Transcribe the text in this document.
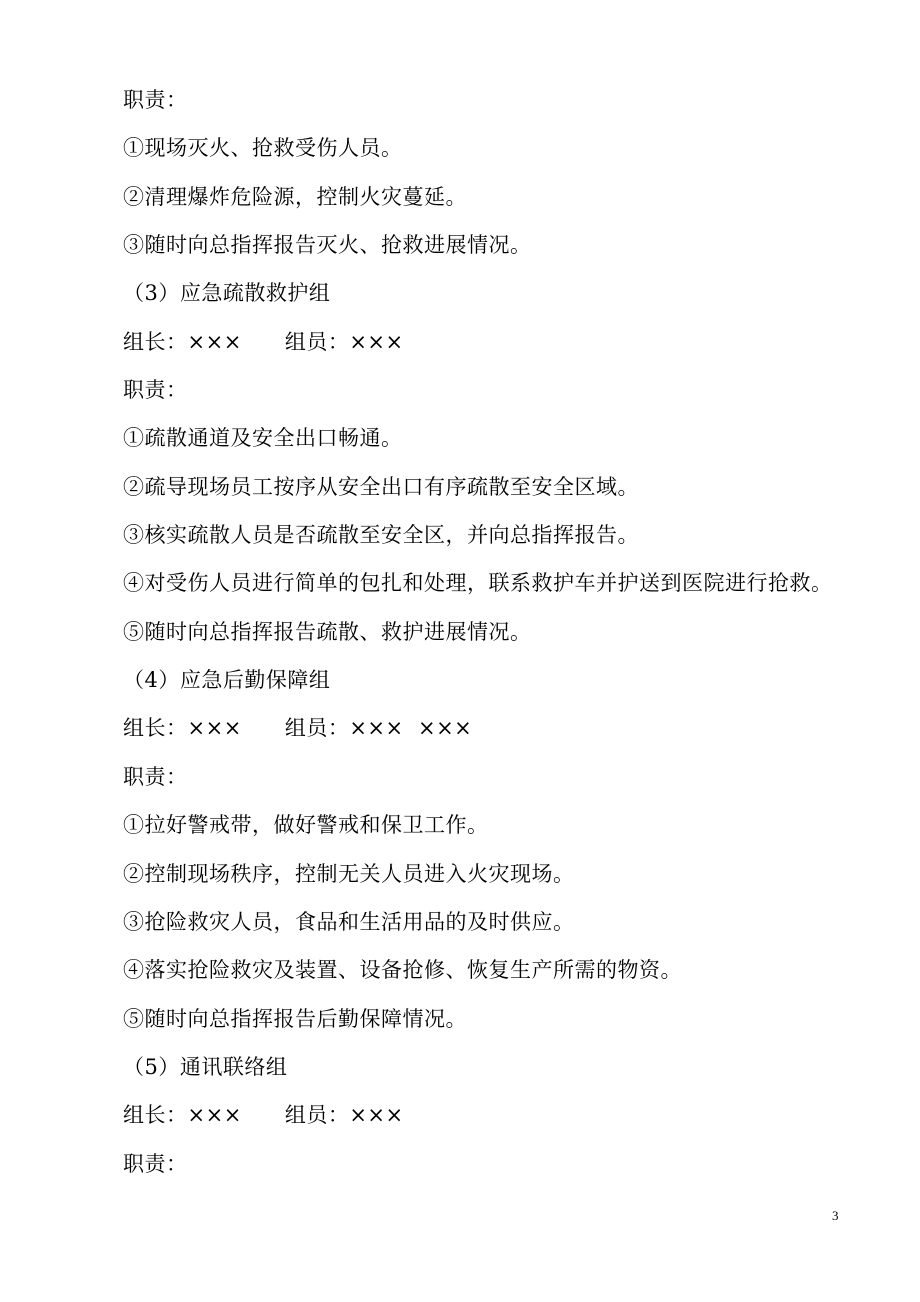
职责：
①现场灭火、抢救受伤人员。
②清理爆炸危险源，控制火灾蔓延。
③随时向总指挥报告灭火、抢救进展情况。
（3）应急疏散救护组
组长：×××      组员：×××
职责：
①疏散通道及安全出口畅通。
②疏导现场员工按序从安全出口有序疏散至安全区域。
③核实疏散人员是否疏散至安全区，并向总指挥报告。
④对受伤人员进行简单的包扎和处理，联系救护车并护送到医院进行抢救。
⑤随时向总指挥报告疏散、救护进展情况。
（4）应急后勤保障组
组长：×××      组员：×××  ×××
职责：
①拉好警戒带，做好警戒和保卫工作。
②控制现场秩序，控制无关人员进入火灾现场。
③抢险救灾人员，食品和生活用品的及时供应。
④落实抢险救灾及装置、设备抢修、恢复生产所需的物资。
⑤随时向总指挥报告后勤保障情况。
（5）通讯联络组
组长：×××      组员：×××
职责：
3
